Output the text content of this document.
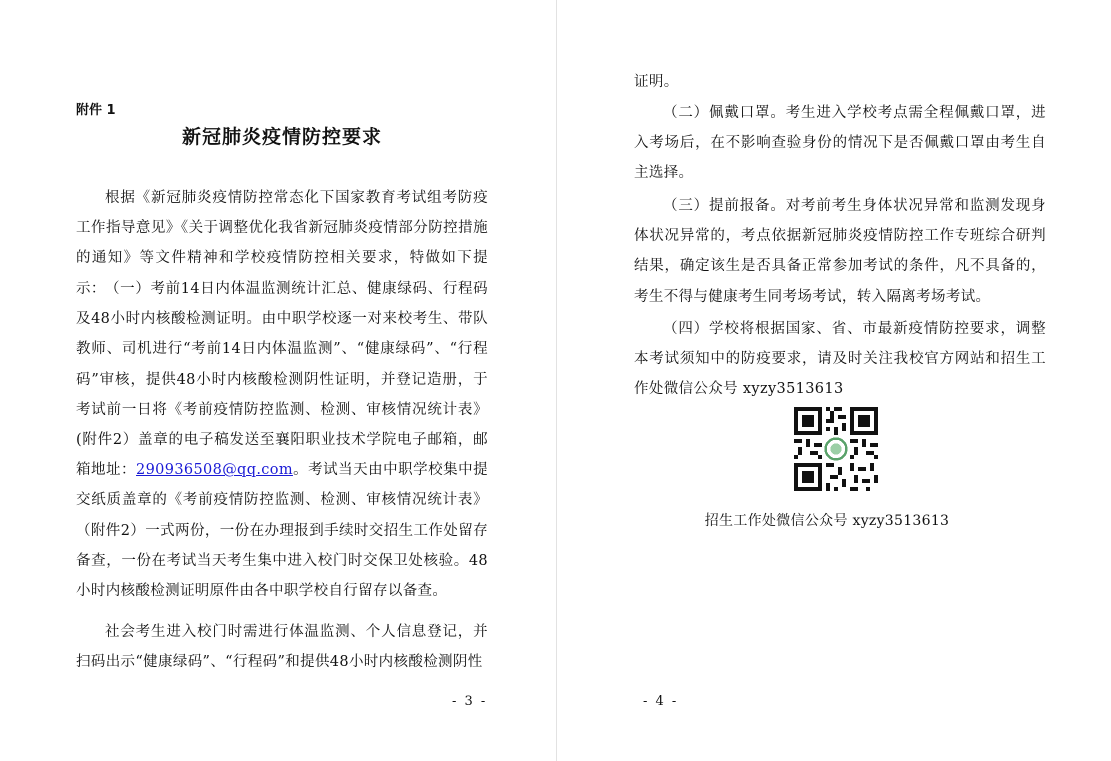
附件 1
新冠肺炎疫情防控要求

根据《新冠肺炎疫情防控常态化下国家教育考试组考防疫工作指导意见》《关于调整优化我省新冠肺炎疫情部分防控措施的通知》等文件精神和学校疫情防控相关要求，特做如下提示： （一）考前14日内体温监测统计汇总、健康绿码、行程码及48小时内核酸检测证明。由中职学校逐一对来校考生、带队教师、司机进行“考前14日内体温监测”、“健康绿码”、“行程码”审核，提供48小时内核酸检测阴性证明，并登记造册，于考试前一日将《考前疫情防控监测、检测、审核情况统计表》(附件2）盖章的电子稿发送至襄阳职业技术学院电子邮箱，邮箱地址：290936508@qq.com。考试当天由中职学校集中提交纸质盖章的《考前疫情防控监测、检测、审核情况统计表》（附件2）一式两份，一份在办理报到手续时交招生工作处留存备查，一份在考试当天考生集中进入校门时交保卫处核验。48小时内核酸检测证明原件由各中职学校自行留存以备查。

社会考生进入校门时需进行体温监测、个人信息登记，并扫码出示“健康绿码”、“行程码”和提供48小时内核酸检测阴性

- 3 -

证明。

（二）佩戴口罩。考生进入学校考点需全程佩戴口罩，进入考场后，在不影响查验身份的情况下是否佩戴口罩由考生自主选择。

（三）提前报备。对考前考生身体状况异常和监测发现身体状况异常的，考点依据新冠肺炎疫情防控工作专班综合研判结果，确定该生是否具备正常参加考试的条件，凡不具备的，考生不得与健康考生同考场考试，转入隔离考场考试。

（四）学校将根据国家、省、市最新疫情防控要求，调整本考试须知中的防疫要求，请及时关注我校官方网站和招生工作处微信公众号 xyzy3513613

招生工作处微信公众号 xyzy3513613
- 4 -
